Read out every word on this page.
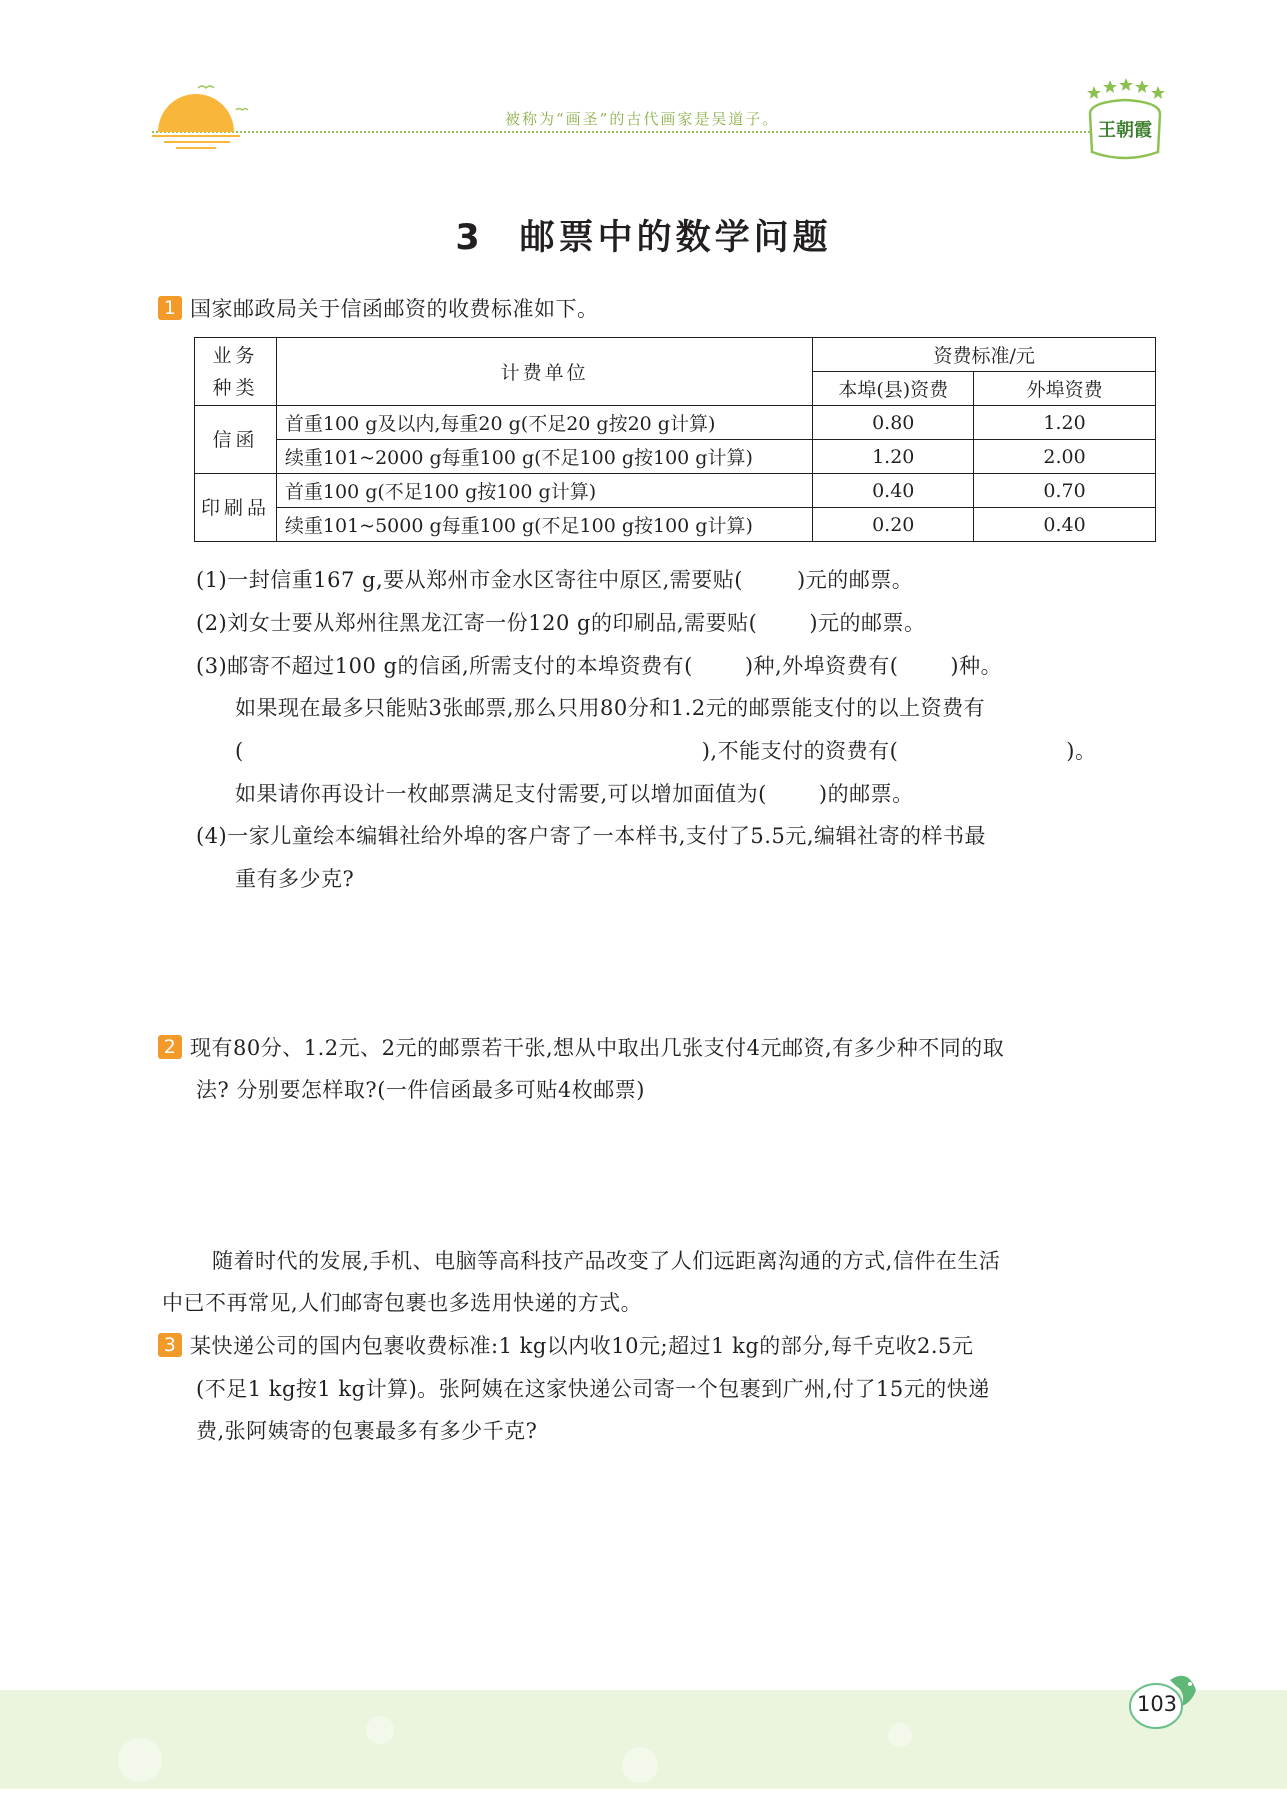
被称为“画圣”的古代画家是吴道子。
王朝霞
3 邮票中的数学问题
1 国家邮政局关于信函邮资的收费标准如下。
业务
种类	计费单位	资费标准/元	
		本埠(县)资费	外埠资费
信函	首重100 g及以内,每重20 g(不足20 g按20 g计算)	0.80	1.20
	续重101~2000 g每重100 g(不足100 g按100 g计算)	1.20	2.00
印刷品	首重100 g(不足100 g按100 g计算)	0.40	0.70
	续重101~5000 g每重100 g(不足100 g按100 g计算)	0.20	0.40
(1)一封信重167 g,要从郑州市金水区寄往中原区,需要贴(	)元的邮票。
(2)刘女士要从郑州往黑龙江寄一份120 g的印刷品,需要贴( )元的邮票。
(3)邮寄不超过100 g的信函,所需支付的本埠资费有( )种,外埠资费有( )种。
如果现在最多只能贴3张邮票,那么只用80分和1.2元的邮票能支付的以上资费有
(	),不能支付的资费有(	)。
如果请你再设计一枚邮票满足支付需要,可以增加面值为( )的邮票。
(4)一家儿童绘本编辑社给外埠的客户寄了一本样书,支付了5.5元,编辑社寄的样书最
重有多少克?
2 现有80分、1.2元、2元的邮票若干张,想从中取出几张支付4元邮资,有多少种不同的取
法? 分别要怎样取?(一件信函最多可贴4枚邮票)
随着时代的发展,手机、电脑等高科技产品改变了人们远距离沟通的方式,信件在生活
中已不再常见,人们邮寄包裹也多选用快递的方式。
3 某快递公司的国内包裹收费标准:1 kg以内收10元;超过1 kg的部分,每千克收2.5元
(不足1 kg按1 kg计算)。张阿姨在这家快递公司寄一个包裹到广州,付了15元的快递
费,张阿姨寄的包裹最多有多少千克?
103
